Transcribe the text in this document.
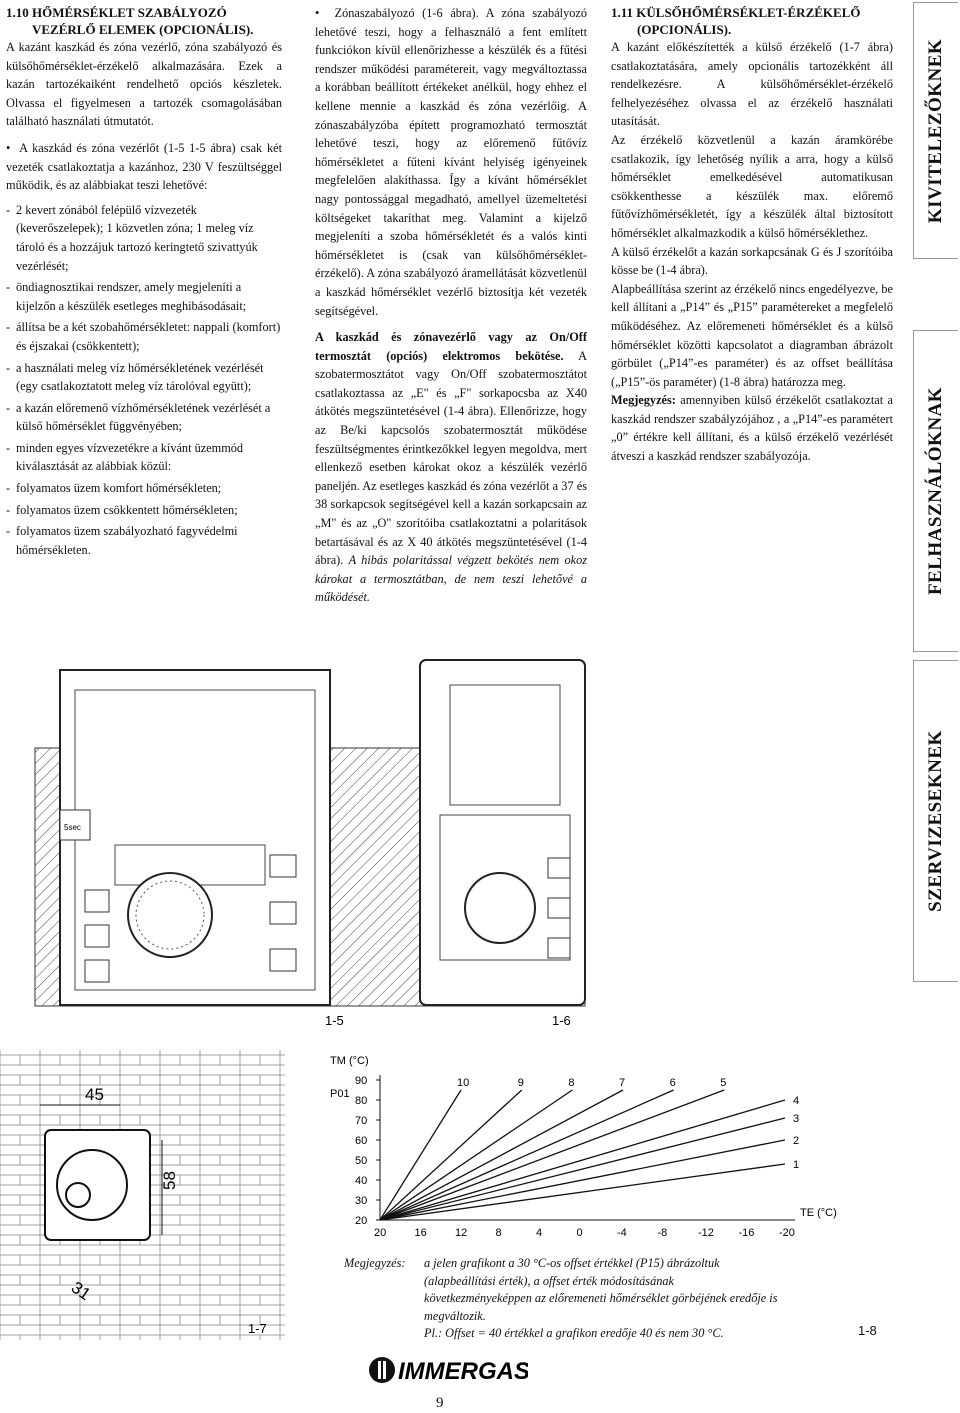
1.10 HŐMÉRSÉKLET SZABÁLYOZÓ
VEZÉRLŐ ELEMEK (OPCIONÁLIS).

A kazánt kaszkád és zóna vezérlő, zóna szabályozó és külsőhőmérséklet-érzékelő alkalmazására. Ezek a kazán tartozékaiként rendelhető opciós készletek. Olvassa el figyelmesen a tartozék csomagolásában található használati útmutatót.

•  A kaszkád és zóna vezérlőt (1-5 1-5 ábra) csak két vezeték csatlakoztatja a kazánhoz, 230 V feszültséggel működik, és az alábbiakat teszi lehetővé:

- 2 kevert zónából felépülő vízvezeték (keverőszelepek); 1 közvetlen zóna; 1 meleg víz tároló és a hozzájuk tartozó keringtető szivattyúk vezérlését;
- öndiagnosztikai rendszer, amely megjeleníti a kijelzőn a készülék esetleges meghibásodásait;
- állítsa be a két szobahőmérsékletet: nappali (komfort) és éjszakai (csökkentett);
- a használati meleg víz hőmérsékletének vezérlését (egy csatlakoztatott meleg víz tárolóval együtt);
- a kazán előremenő vízhőmérsékletének vezérlését a külső hőmérséklet függvényében;
- minden egyes vízvezetékre a kívánt üzemmód kiválasztását az alábbiak közül:
- folyamatos üzem komfort hőmérsékleten;
- folyamatos üzem csökkentett hőmérsékleten;
- folyamatos üzem szabályozható fagyvédelmi hőmérsékleten.

•  Zónaszabályozó (1-6 ábra). A zóna szabályozó lehetővé teszi, hogy a felhasználó a fent említett funkciókon kívül ellenőrizhesse a készülék és a fűtési rendszer működési paramétereit, vagy megváltoztassa a korábban beállított értékeket anélkül, hogy ehhez el kellene mennie a kaszkád és zóna vezérlőig. A zónaszabályzóba épített programozható termosztát lehetővé teszi, hogy az előremenő fűtővíz hőmérsékletet a fűteni kívánt helyiség igényeinek megfelelően alakíthassa. Így a kívánt hőmérséklet nagy pontossággal megadható, amellyel üzemeltetési költségeket takaríthat meg. Valamint a kijelző megjeleníti a szoba hőmérsékletét és a valós kinti hőmérsékletet is (csak van külsőhőmérséklet-érzékelő). A zóna szabályozó áramellátását közvetlenül a kaszkád hőmérséklet vezérlő biztosítja két vezeték segítségével.

A kaszkád és zónavezérlő vagy az On/Off termosztát (opciós) elektromos bekötése. A szobatermosztátot vagy On/Off szobatermosztátot csatlakoztassa az „E" és „F" sorkapocsba az X40 átkötés megszüntetésével (1-4 ábra). Ellenőrizze, hogy az Be/ki kapcsolós szobatermosztát működése feszültségmentes érintkezőkkel legyen megoldva, mert ellenkező esetben károkat okoz a készülék vezérlő paneljén. Az esetleges kaszkád és zóna vezérlőt a 37 és 38 sorkapcsok segítségével kell a kazán sorkapcsain az „M" és az „O" szorítóiba csatlakoztatni a polaritások betartásával és az X 40 átkötés megszüntetésével (1-4 ábra). A hibás polaritással végzett bekötés nem okoz károkat a termosztátban, de nem teszi lehetővé a működését.

1.11 KÜLSŐHŐMÉRSÉKLET-ÉRZÉKELŐ
(OPCIONÁLIS).

A kazánt előkészítették a külső érzékelő (1-7 ábra) csatlakoztatására, amely opcionális tartozékként áll rendelkezésre. A külsőhőmérséklet-érzékelő felhelyezéséhez olvassa el az érzékelő használati utasítását.

Az érzékelő közvetlenül a kazán áramkörébe csatlakozik, így lehetőség nyílik a arra, hogy a külső hőmérséklet emelkedésével automatikusan csökkenthesse a készülék max. előremő fűtővízhőmérsékletét, így a készülék által biztosított hőmérséklet alkalmazkodik a külső hőmérséklethez.

A külső érzékelőt a kazán sorkapcsának G és J szorítóiba kösse be (1-4 ábra).

Alapbeállítása szerint az érzékelő nincs engedélyezve, be kell állítani a „P14” és „P15” paramétereket a megfelelő működéséhez. Az előremeneti hőmérséklet és a külső hőmérséklet közötti kapcsolatot a diagramban ábrázolt görbület („P14”-es paraméter) és az offset beállítása („P15”-ös paraméter) (1-8 ábra) határozza meg.

Megjegyzés: amennyiben külső érzékelőt csatlakoztat a kaszkád rendszer szabályzójához , a „P14”-es paramétert „0” értékre kell állítani, és a külső érzékelő vezérlését átveszi a kaszkád rendszer szabályozója.

KIVITELEZŐKNEK
FELHASZNÁLÓKNAK
SZERVIZESEKNEK
5sec
1-5	1-6
45
58
31
1-7
TM (°C)
P01
TE (°C)
20
30
40
50
60
70
80
90
20	16	12	8	4	0	-4	-8	-12 -16 -20
10	9	8	7	6	5
4
3
2
1
1-8
Megjegyzés:	a jelen grafikont a 30 °C-os offset értékkel (P15) ábrázoltuk (alapbeállítási érték), a offset érték módosításának következményeképpen az előremeneti hőmérséklet görbéjének eredője is megváltozik.
Pl.: Offset = 40 értékkel a grafikon eredője 40 és nem 30 °C.
IMMERGAS
9
